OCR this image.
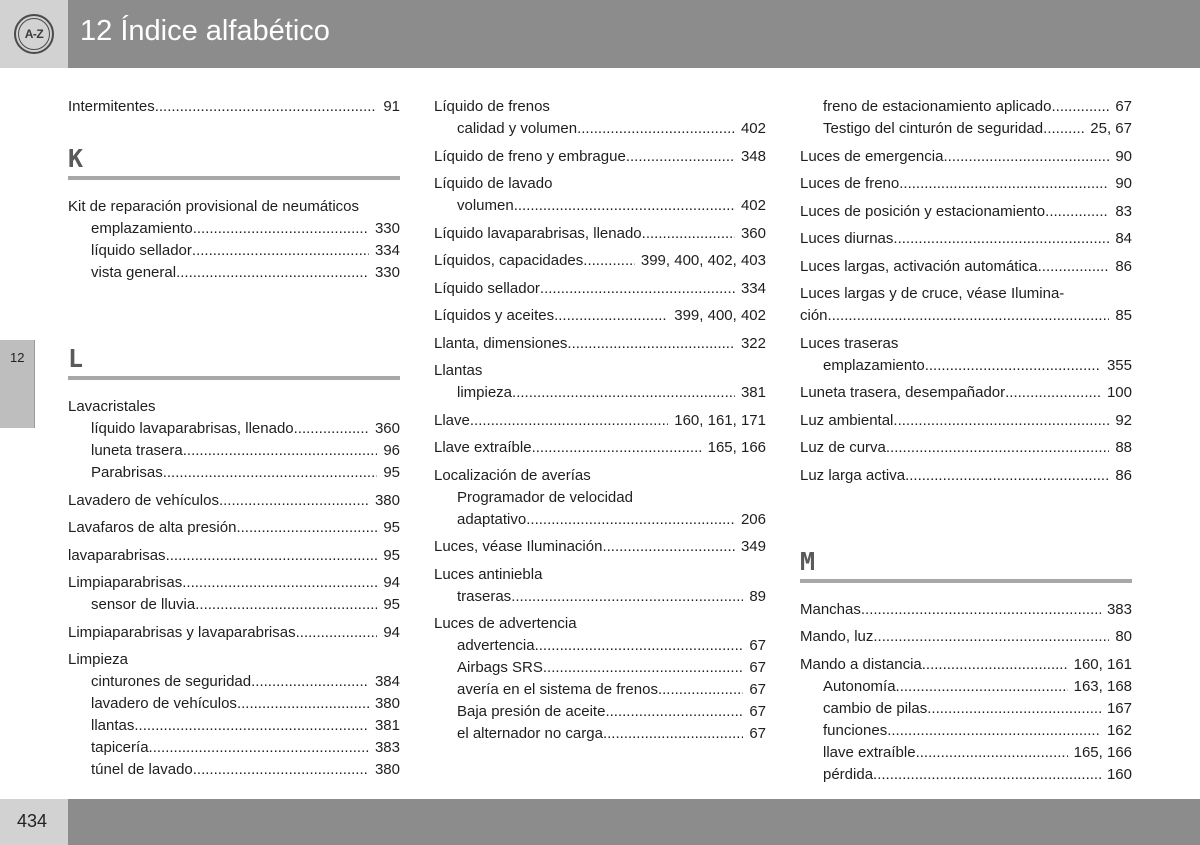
A-Z 12 Índice alfabético
12
Intermitentes .....	91
K
Kit de reparación provisional de neumáticos
emplazamiento .....	330
líquido sellador .....	334
vista general .....	330
L
Lavacristales
líquido lavaparabrisas, llenado .....	360
luneta trasera .....	96
Parabrisas .....	95
Lavadero de vehículos .....	380
Lavafaros de alta presión .....	95
lavaparabrisas .....	95
Limpiaparabrisas .....	94
sensor de lluvia .....	95
Limpiaparabrisas y lavaparabrisas .....	94
Limpieza
cinturones de seguridad .....	384
lavadero de vehículos .....	380
llantas .....	381
tapicería .....	383
túnel de lavado .....	380
Líquido de frenos
calidad y volumen .....	402
Líquido de freno y embrague .....	348
Líquido de lavado
volumen .....	402
Líquido lavaparabrisas, llenado .....	360
Líquidos, capacidades .....	399, 400, 402, 403
Líquido sellador .....	334
Líquidos y aceites .....	399, 400, 402
Llanta, dimensiones .....	322
Llantas
limpieza .....	381
Llave .....	160, 161, 171
Llave extraíble .....	165, 166
Localización de averías
Programador de velocidad
adaptativo .....	206
Luces, véase Iluminación .....	349
Luces antiniebla
traseras .....	89
Luces de advertencia
advertencia .....	67
Airbags SRS .....	67
avería en el sistema de frenos .....	67
Baja presión de aceite .....	67
el alternador no carga .....	67
freno de estacionamiento aplicado .....	67
Testigo del cinturón de seguridad .....	25, 67
Luces de emergencia .....	90
Luces de freno .....	90
Luces de posición y estacionamiento .....	83
Luces diurnas .....	84
Luces largas, activación automática .....	86
Luces largas y de cruce, véase Ilumina-
ción .....	85
Luces traseras
emplazamiento .....	355
Luneta trasera, desempañador .....	100
Luz ambiental .....	92
Luz de curva .....	88
Luz larga activa .....	86
M
Manchas .....	383
Mando, luz .....	80
Mando a distancia .....	160, 161
Autonomía .....	163, 168
cambio de pilas .....	167
funciones .....	162
llave extraíble .....	165, 166
pérdida .....	160
434
